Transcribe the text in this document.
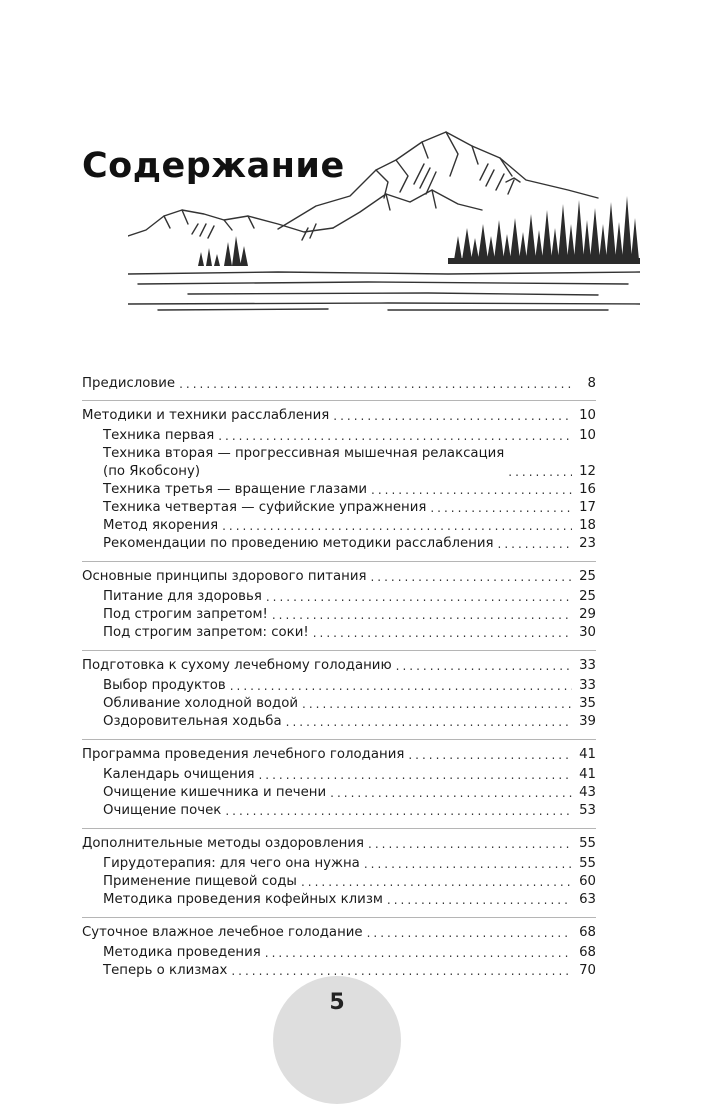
Содержание
Предисловие .....	8
Методики и техники расслабления .....	10
Техника первая .....	10
Техника вторая — прогрессивная мышечная релаксация
(по Якобсону) .....	12
Техника третья — вращение глазами .....	16
Техника четвертая — суфийские упражнения .....	17
Метод якорения .....	18
Рекомендации по проведению методики расслабления .....	23
Основные принципы здорового питания .....	25
Питание для здоровья .....	25
Под строгим запретом! .....	29
Под строгим запретом: соки! .....	30
Подготовка к сухому лечебному голоданию .....	33
Выбор продуктов .....	33
Обливание холодной водой .....	35
Оздоровительная ходьба .....	39
Программа проведения лечебного голодания .....	41
Календарь очищения .....	41
Очищение кишечника и печени .....	43
Очищение почек .....	53
Дополнительные методы оздоровления .....	55
Гирудотерапия: для чего она нужна .....	55
Применение пищевой соды .....	60
Методика проведения кофейных клизм .....	63
Суточное влажное лечебное голодание .....	68
Методика проведения .....	68
Теперь о клизмах .....	70
5
